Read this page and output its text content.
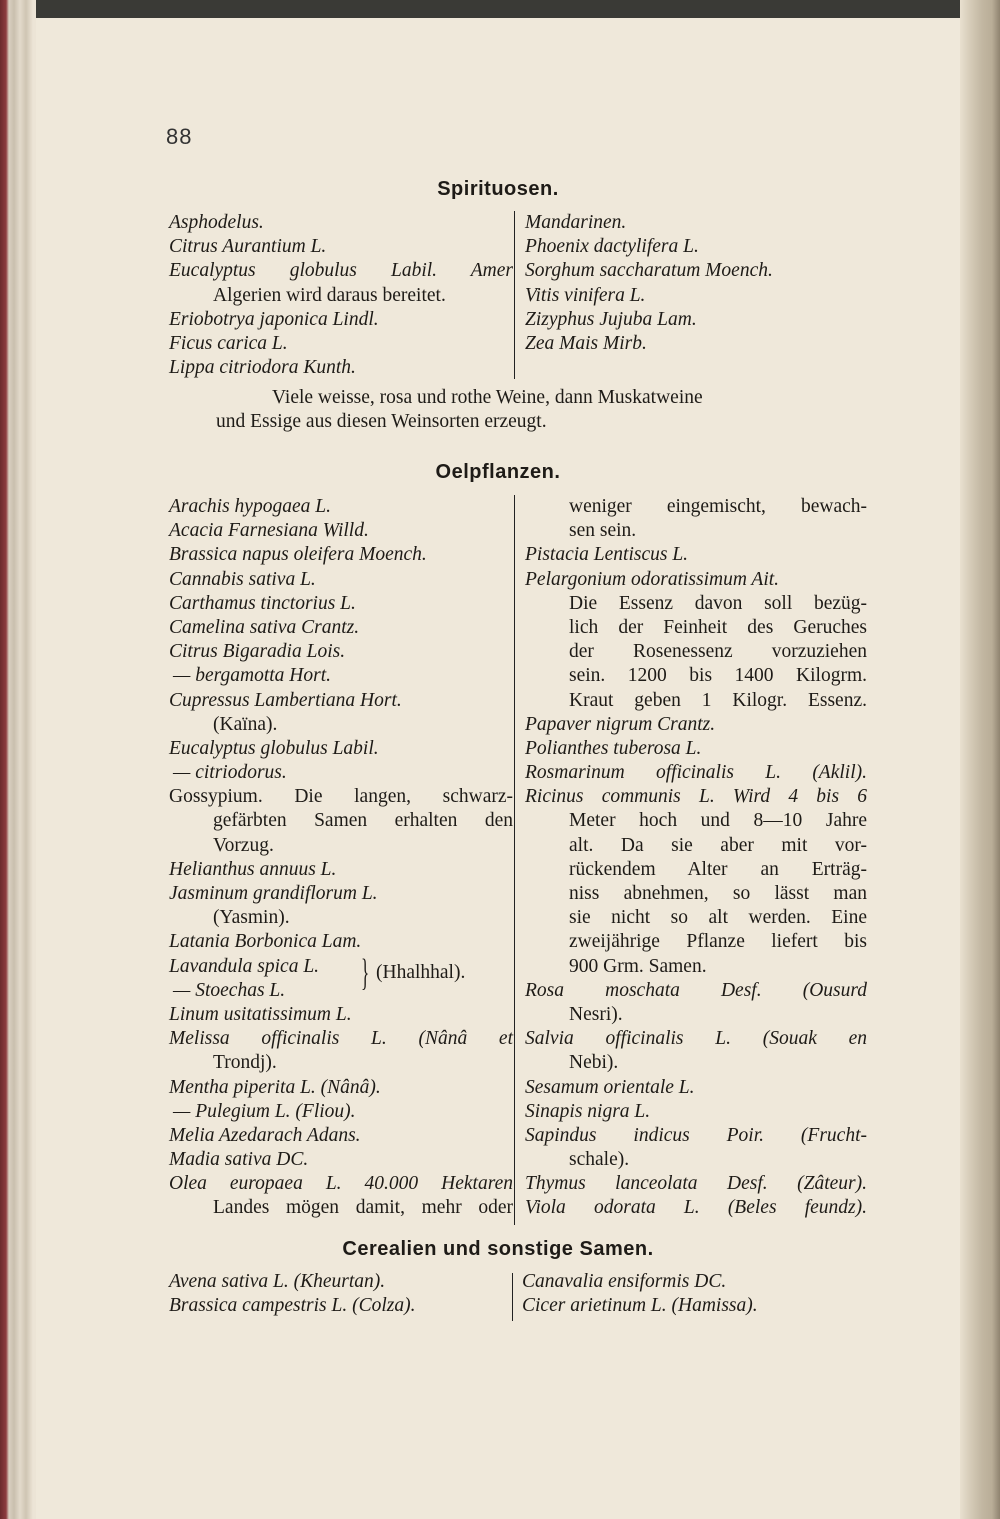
88
Spirituosen.
Asphodelus.
Citrus Aurantium L.
Eucalyptus globulus Labil. Amer
Algerien wird daraus bereitet.
Eriobotrya japonica Lindl.
Ficus carica L.
Lippa citriodora Kunth.
Mandarinen.
Phoenix dactylifera L.
Sorghum saccharatum Moench.
Vitis vinifera L.
Zizyphus Jujuba Lam.
Zea Mais Mirb.
Viele weisse, rosa und rothe Weine, dann Muskatweine
und Essige aus diesen Weinsorten erzeugt.
Oelpflanzen.
Arachis hypogaea L.
Acacia Farnesiana Willd.
Brassica napus oleifera Moench.
Cannabis sativa L.
Carthamus tinctorius L.
Camelina sativa Crantz.
Citrus Bigaradia Lois.
— bergamotta Hort.
Cupressus Lambertiana Hort.
(Kaïna).
Eucalyptus globulus Labil.
— citriodorus.
Gossypium. Die langen, schwarz-
gefärbten Samen erhalten den
Vorzug.
Helianthus annuus L.
Jasminum grandiflorum L.
(Yasmin).
Latania Borbonica Lam.
Lavandula spica L.
— Stoechas L.
Linum usitatissimum L.
Melissa officinalis L. (Nânâ et
Trondj).
Mentha piperita L. (Nânâ).
— Pulegium L. (Fliou).
Melia Azedarach Adans.
Madia sativa DC.
Olea europaea L. 40.000 Hektaren
Landes mögen damit, mehr oder
} (Hhalhhal).
weniger eingemischt, bewach-
sen sein.
Pistacia Lentiscus L.
Pelargonium odoratissimum Ait.
Die Essenz davon soll bezüg-
lich der Feinheit des Geruches
der Rosenessenz vorzuziehen
sein. 1200 bis 1400 Kilogrm.
Kraut geben 1 Kilogr. Essenz.
Papaver nigrum Crantz.
Polianthes tuberosa L.
Rosmarinum officinalis L. (Aklil).
Ricinus communis L. Wird 4 bis 6
Meter hoch und 8—10 Jahre
alt. Da sie aber mit vor-
rückendem Alter an Erträg-
niss abnehmen, so lässt man
sie nicht so alt werden. Eine
zweijährige Pflanze liefert bis
900 Grm. Samen.
Rosa moschata Desf. (Ousurd
Nesri).
Salvia officinalis L. (Souak en
Nebi).
Sesamum orientale L.
Sinapis nigra L.
Sapindus indicus Poir. (Frucht-
schale).
Thymus lanceolata Desf. (Zâteur).
Viola odorata L. (Beles feundz).
Cerealien und sonstige Samen.
Avena sativa L. (Kheurtan).
Brassica campestris L. (Colza).
Canavalia ensiformis DC.
Cicer arietinum L. (Hamissa).
